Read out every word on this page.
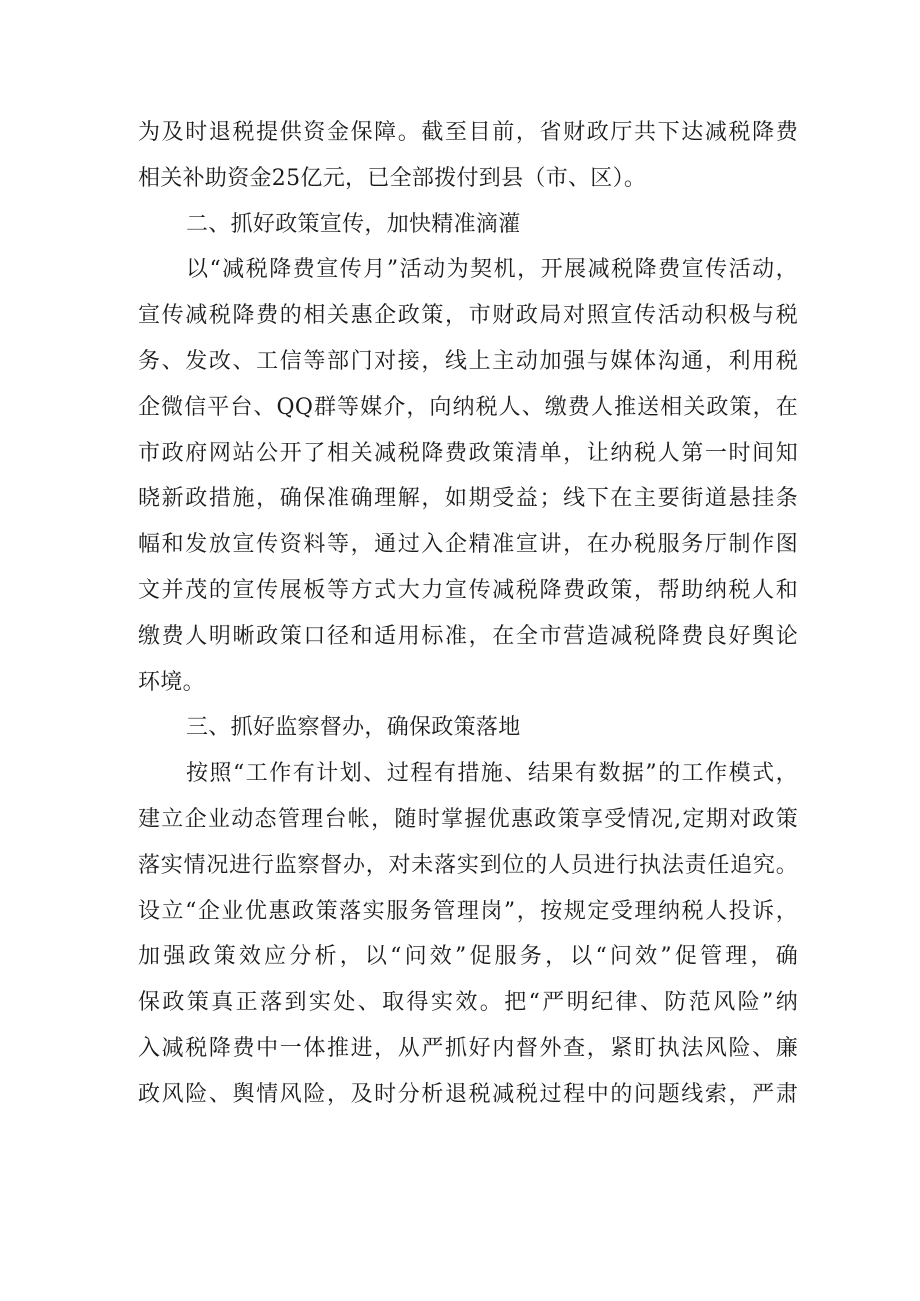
为及时退税提供资金保障。截至目前，省财政厅共下达减税降费
相关补助资金25亿元，已全部拨付到县（市、区）。
二、抓好政策宣传，加快精准滴灌
以“减税降费宣传月”活动为契机，开展减税降费宣传活动，
宣传减税降费的相关惠企政策，市财政局对照宣传活动积极与税
务、发改、工信等部门对接，线上主动加强与媒体沟通，利用税
企微信平台、QQ群等媒介，向纳税人、缴费人推送相关政策，在
市政府网站公开了相关减税降费政策清单，让纳税人第一时间知
晓新政措施，确保准确理解，如期受益；线下在主要街道悬挂条
幅和发放宣传资料等，通过入企精准宣讲，在办税服务厅制作图
文并茂的宣传展板等方式大力宣传减税降费政策，帮助纳税人和
缴费人明晰政策口径和适用标准，在全市营造减税降费良好舆论
环境。
三、抓好监察督办，确保政策落地
按照“工作有计划、过程有措施、结果有数据”的工作模式，
建立企业动态管理台帐，随时掌握优惠政策享受情况,定期对政策
落实情况进行监察督办，对未落实到位的人员进行执法责任追究。
设立“企业优惠政策落实服务管理岗”，按规定受理纳税人投诉，
加强政策效应分析，以“问效”促服务，以“问效”促管理，确
保政策真正落到实处、取得实效。把“严明纪律、防范风险”纳
入减税降费中一体推进，从严抓好内督外查，紧盯执法风险、廉
政风险、舆情风险，及时分析退税减税过程中的问题线索，严肃
